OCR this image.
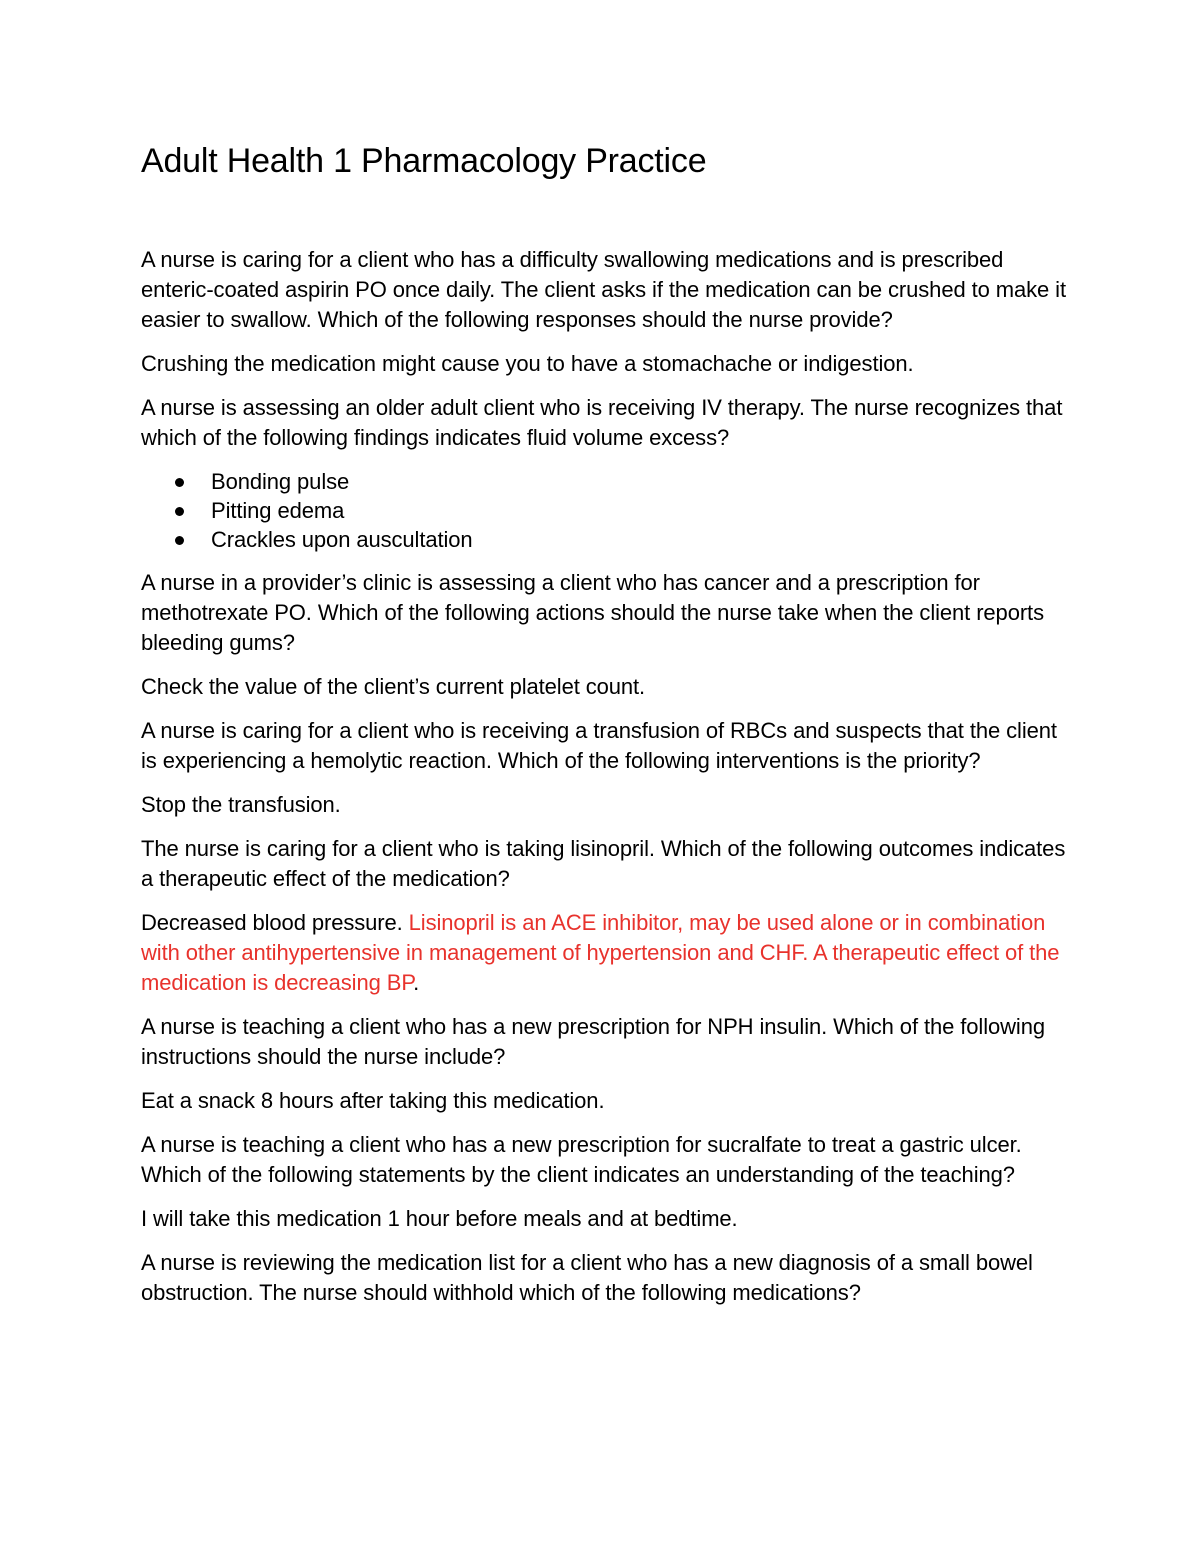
Adult Health 1 Pharmacology Practice

A nurse is caring for a client who has a difficulty swallowing medications and is prescribed enteric-coated aspirin PO once daily. The client asks if the medication can be crushed to make it easier to swallow. Which of the following responses should the nurse provide?

Crushing the medication might cause you to have a stomachache or indigestion.

A nurse is assessing an older adult client who is receiving IV therapy. The nurse recognizes that which of the following findings indicates fluid volume excess?

Bonding pulse
Pitting edema
Crackles upon auscultation

A nurse in a provider’s clinic is assessing a client who has cancer and a prescription for methotrexate PO. Which of the following actions should the nurse take when the client reports bleeding gums?

Check the value of the client’s current platelet count.

A nurse is caring for a client who is receiving a transfusion of RBCs and suspects that the client is experiencing a hemolytic reaction. Which of the following interventions is the priority?

Stop the transfusion.

The nurse is caring for a client who is taking lisinopril. Which of the following outcomes indicates a therapeutic effect of the medication?

Decreased blood pressure. Lisinopril is an ACE inhibitor, may be used alone or in combination with other antihypertensive in management of hypertension and CHF. A therapeutic effect of the medication is decreasing BP.

A nurse is teaching a client who has a new prescription for NPH insulin. Which of the following instructions should the nurse include?

Eat a snack 8 hours after taking this medication.

A nurse is teaching a client who has a new prescription for sucralfate to treat a gastric ulcer. Which of the following statements by the client indicates an understanding of the teaching?

I will take this medication 1 hour before meals and at bedtime.

A nurse is reviewing the medication list for a client who has a new diagnosis of a small bowel obstruction. The nurse should withhold which of the following medications?
